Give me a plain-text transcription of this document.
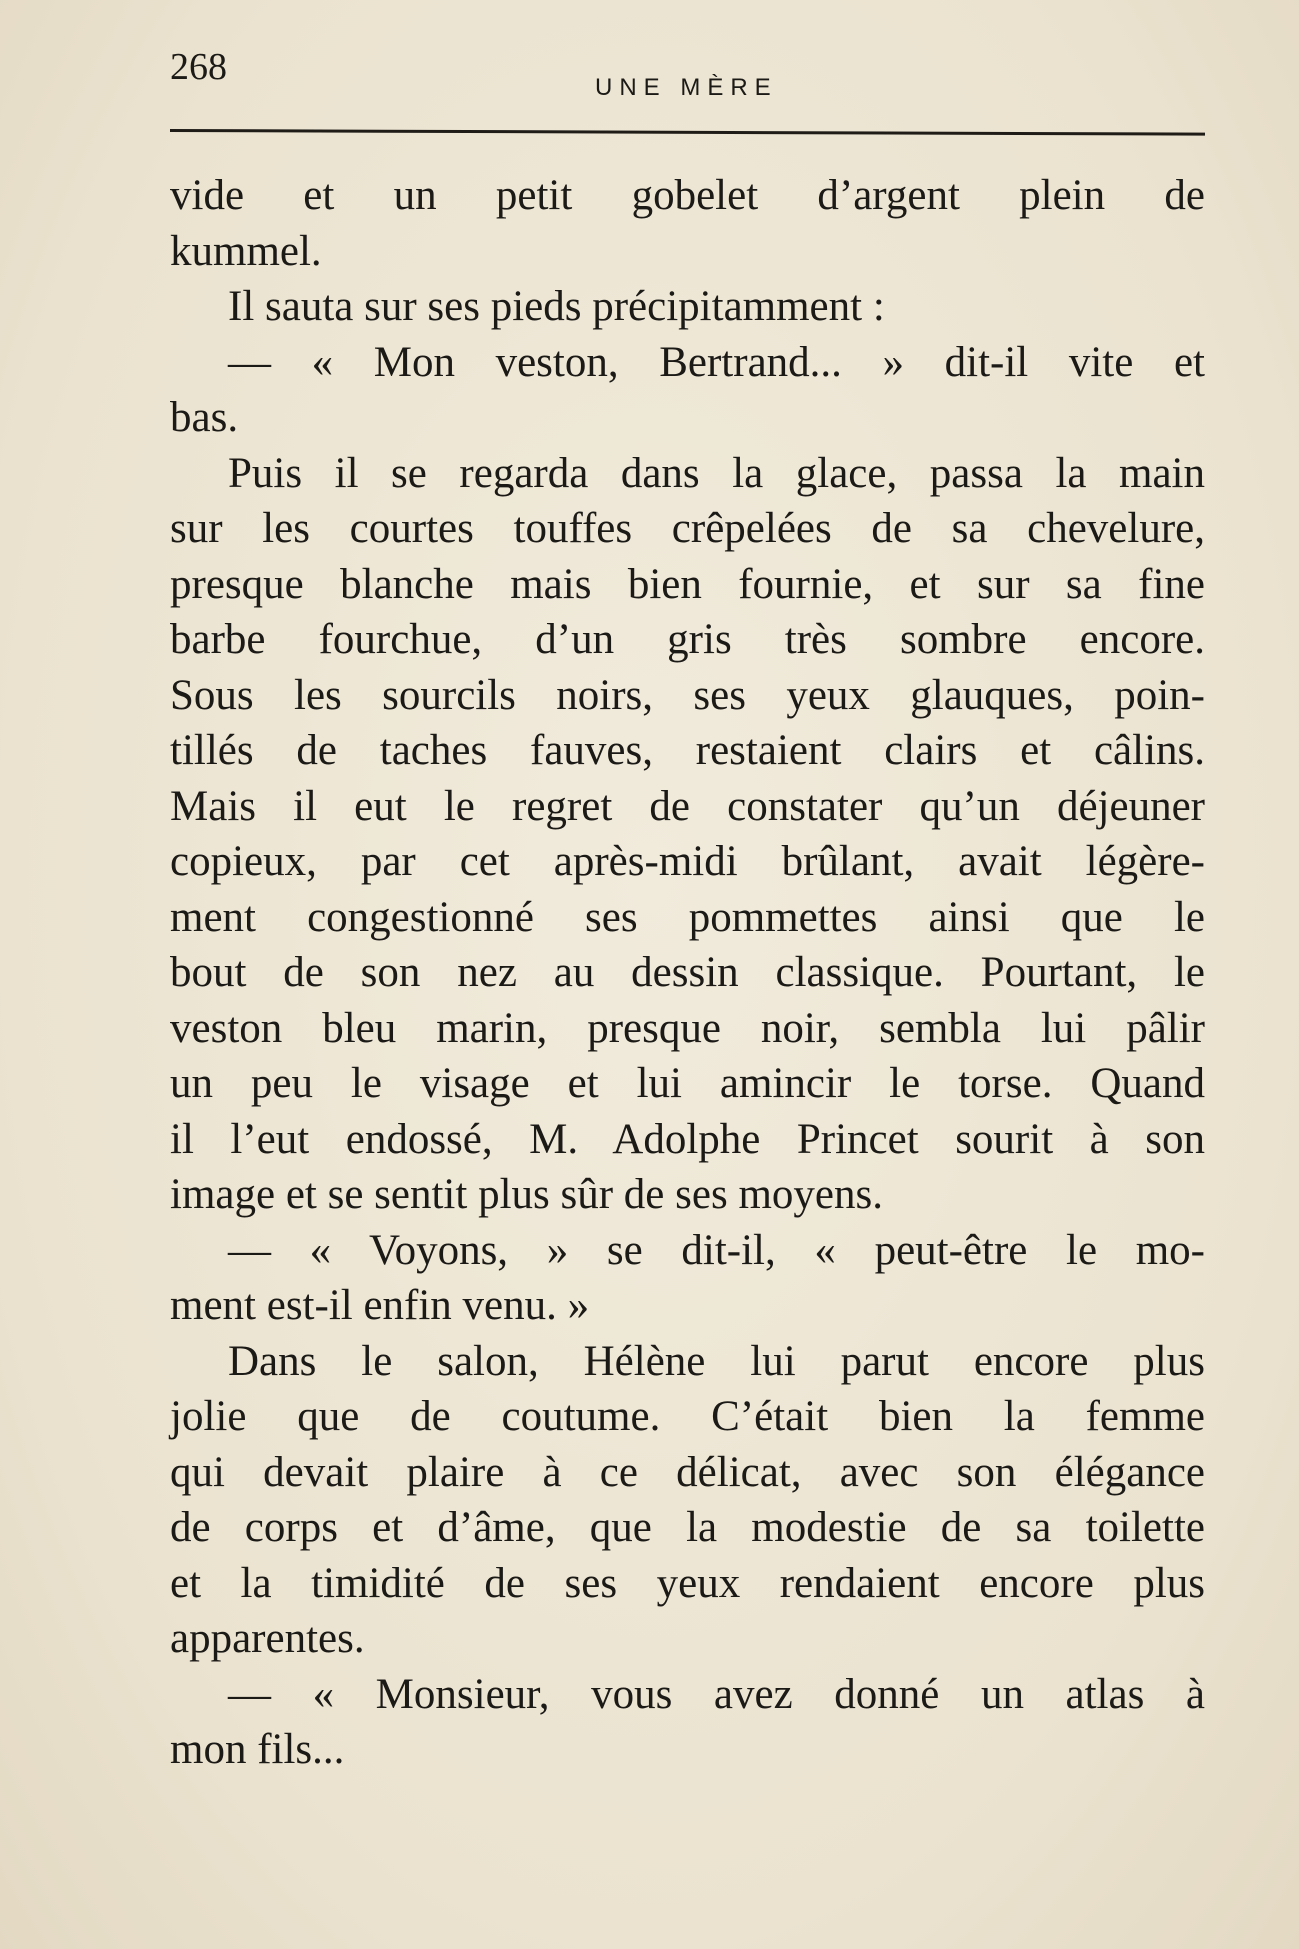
268	UNE MÈRE
vide et un petit gobelet d’argent plein de
kummel.
Il sauta sur ses pieds précipitamment :
— « Mon veston, Bertrand... » dit-il vite et
bas.
Puis il se regarda dans la glace, passa la main
sur les courtes touffes crêpelées de sa chevelure,
presque blanche mais bien fournie, et sur sa fine
barbe fourchue, d’un gris très sombre encore.
Sous les sourcils noirs, ses yeux glauques, poin-
tillés de taches fauves, restaient clairs et câlins.
Mais il eut le regret de constater qu’un déjeuner
copieux, par cet après-midi brûlant, avait légère-
ment congestionné ses pommettes ainsi que le
bout de son nez au dessin classique. Pourtant, le
veston bleu marin, presque noir, sembla lui pâlir
un peu le visage et lui amincir le torse. Quand
il l’eut endossé, M. Adolphe Princet sourit à son
image et se sentit plus sûr de ses moyens.
— « Voyons, » se dit-il, « peut-être le mo-
ment est-il enfin venu. »
Dans le salon, Hélène lui parut encore plus
jolie que de coutume. C’était bien la femme
qui devait plaire à ce délicat, avec son élégance
de corps et d’âme, que la modestie de sa toilette
et la timidité de ses yeux rendaient encore plus
apparentes.
— « Monsieur, vous avez donné un atlas à
mon fils...
